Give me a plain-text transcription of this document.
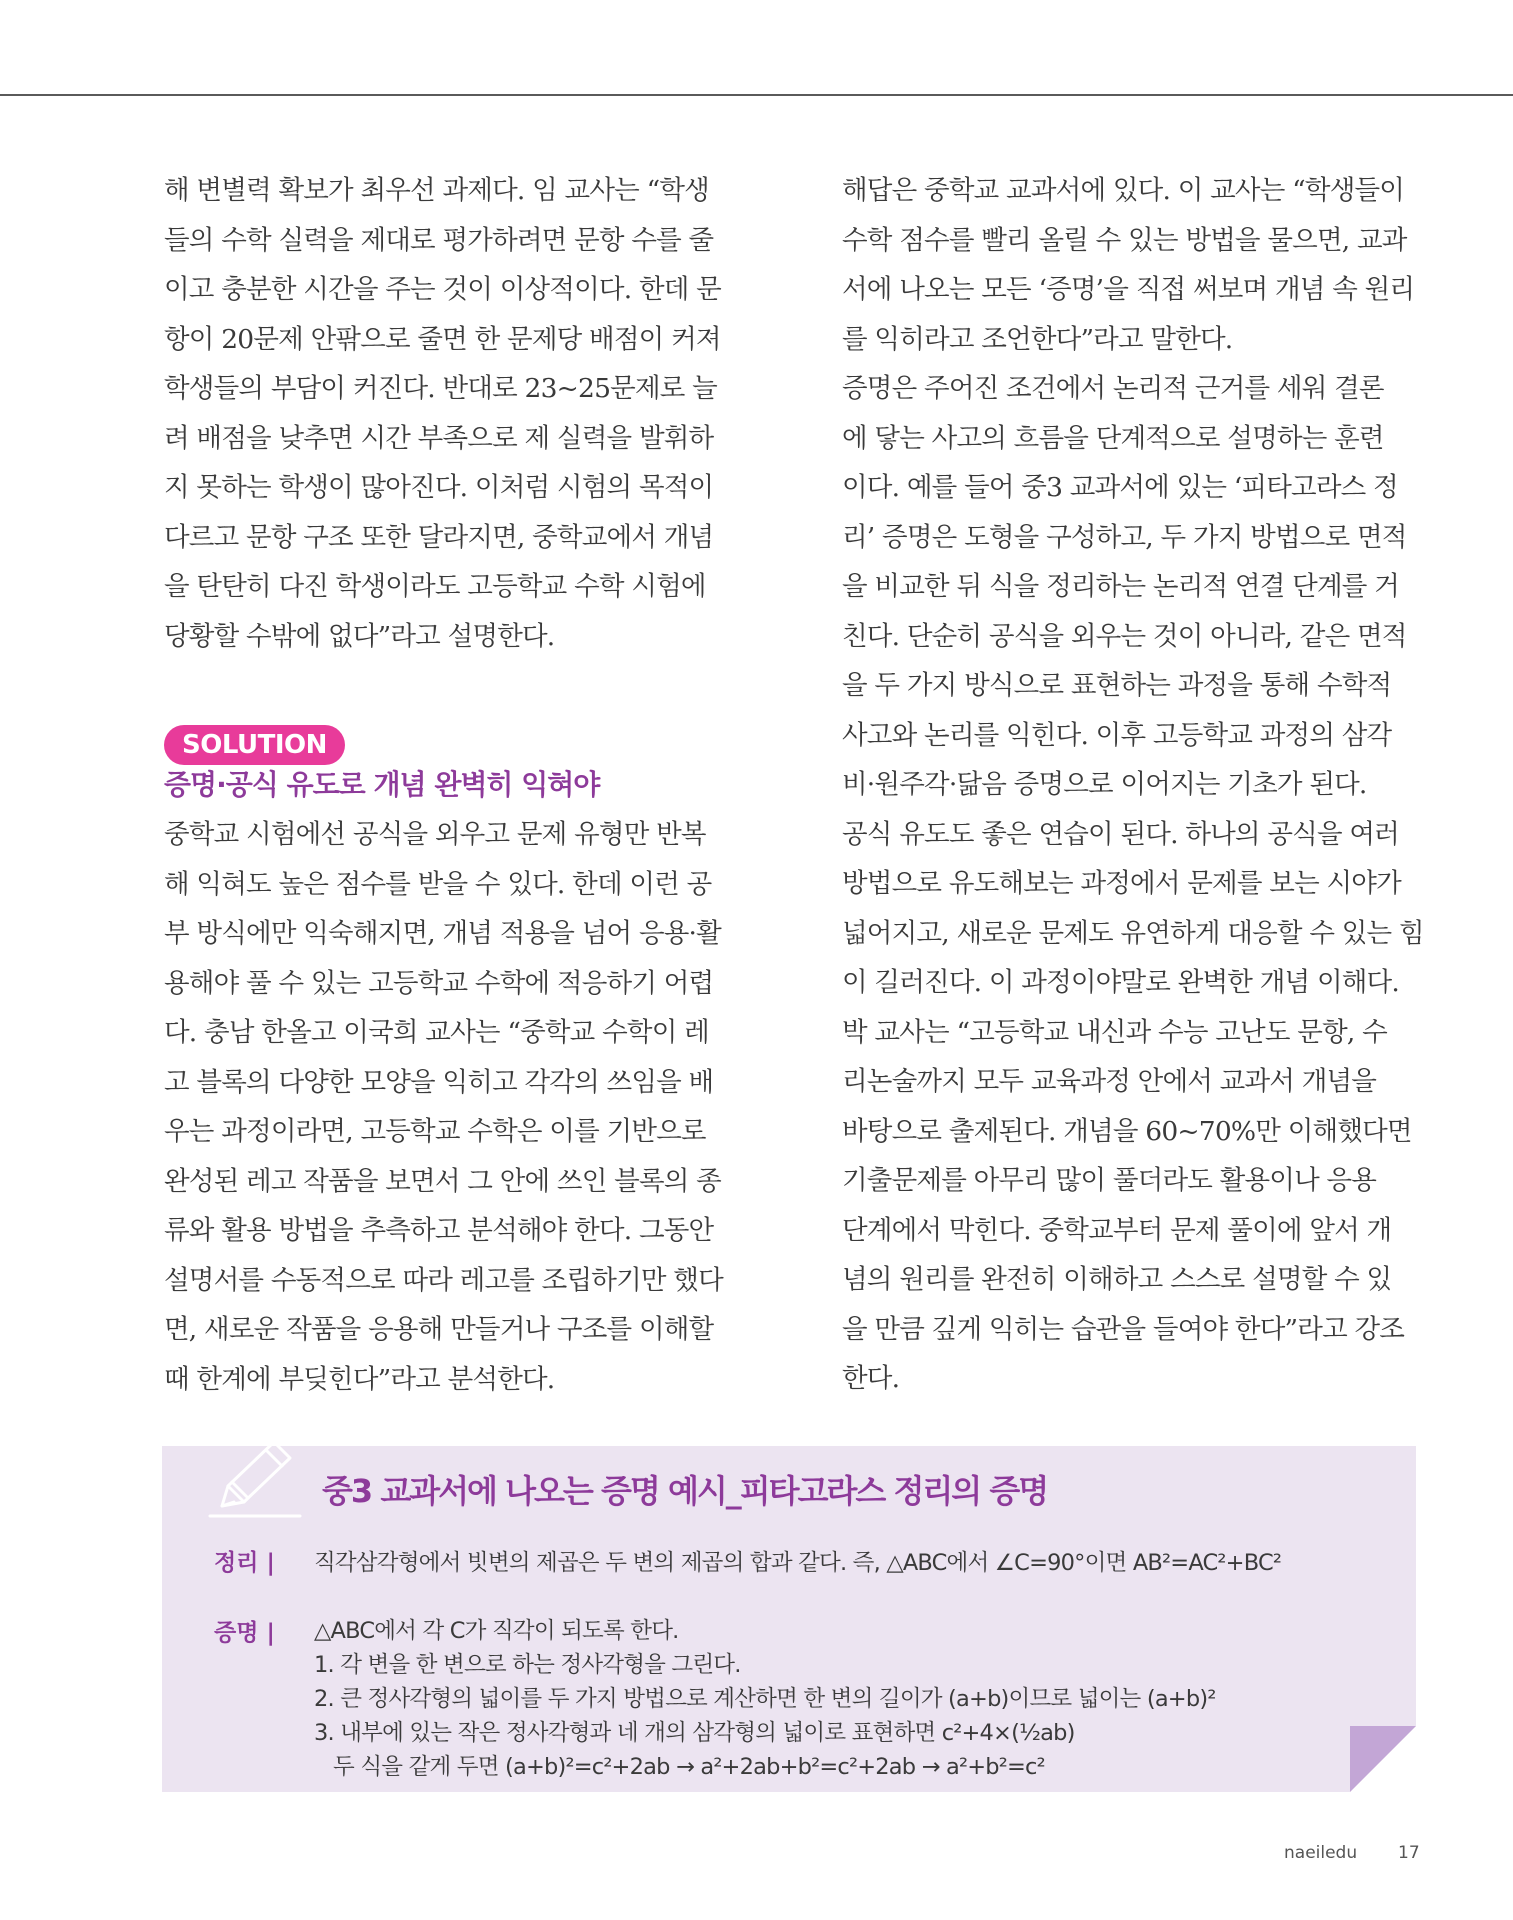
해 변별력 확보가 최우선 과제다. 임 교사는 “학생

들의 수학 실력을 제대로 평가하려면 문항 수를 줄

이고 충분한 시간을 주는 것이 이상적이다. 한데 문

항이 20문제 안팎으로 줄면 한 문제당 배점이 커져

학생들의 부담이 커진다. 반대로 23~25문제로 늘

려 배점을 낮추면 시간 부족으로 제 실력을 발휘하

지 못하는 학생이 많아진다. 이처럼 시험의 목적이

다르고 문항 구조 또한 달라지면, 중학교에서 개념

을 탄탄히 다진 학생이라도 고등학교 수학 시험에

당황할 수밖에 없다”라고 설명한다.

SOLUTION
증명·공식 유도로 개념 완벽히 익혀야

중학교 시험에선 공식을 외우고 문제 유형만 반복

해 익혀도 높은 점수를 받을 수 있다. 한데 이런 공

부 방식에만 익숙해지면, 개념 적용을 넘어 응용·활

용해야 풀 수 있는 고등학교 수학에 적응하기 어렵

다. 충남 한올고 이국희 교사는 “중학교 수학이 레

고 블록의 다양한 모양을 익히고 각각의 쓰임을 배

우는 과정이라면, 고등학교 수학은 이를 기반으로

완성된 레고 작품을 보면서 그 안에 쓰인 블록의 종

류와 활용 방법을 추측하고 분석해야 한다. 그동안

설명서를 수동적으로 따라 레고를 조립하기만 했다

면, 새로운 작품을 응용해 만들거나 구조를 이해할

때 한계에 부딪힌다”라고 분석한다.

해답은 중학교 교과서에 있다. 이 교사는 “학생들이

수학 점수를 빨리 올릴 수 있는 방법을 물으면, 교과

서에 나오는 모든 ‘증명’을 직접 써보며 개념 속 원리

를 익히라고 조언한다”라고 말한다.

증명은 주어진 조건에서 논리적 근거를 세워 결론

에 닿는 사고의 흐름을 단계적으로 설명하는 훈련

이다. 예를 들어 중3 교과서에 있는 ‘피타고라스 정

리’ 증명은 도형을 구성하고, 두 가지 방법으로 면적

을 비교한 뒤 식을 정리하는 논리적 연결 단계를 거

친다. 단순히 공식을 외우는 것이 아니라, 같은 면적

을 두 가지 방식으로 표현하는 과정을 통해 수학적

사고와 논리를 익힌다. 이후 고등학교 과정의 삼각

비·원주각·닮음 증명으로 이어지는 기초가 된다.

공식 유도도 좋은 연습이 된다. 하나의 공식을 여러

방법으로 유도해보는 과정에서 문제를 보는 시야가

넓어지고, 새로운 문제도 유연하게 대응할 수 있는 힘

이 길러진다. 이 과정이야말로 완벽한 개념 이해다.

박 교사는 “고등학교 내신과 수능 고난도 문항, 수

리논술까지 모두 교육과정 안에서 교과서 개념을

바탕으로 출제된다. 개념을 60~70%만 이해했다면

기출문제를 아무리 많이 풀더라도 활용이나 응용

단계에서 막힌다. 중학교부터 문제 풀이에 앞서 개

념의 원리를 완전히 이해하고 스스로 설명할 수 있

을 만큼 깊게 익히는 습관을 들여야 한다”라고 강조

한다.

중3 교과서에 나오는 증명 예시_피타고라스 정리의 증명
정리 | 직각삼각형에서 빗변의 제곱은 두 변의 제곱의 합과 같다. 즉, △ABC에서 ∠C=90°이면 AB²=AC²+BC²
증명 | △ABC에서 각 C가 직각이 되도록 한다.

1. 각 변을 한 변으로 하는 정사각형을 그린다.

2. 큰 정사각형의 넓이를 두 가지 방법으로 계산하면 한 변의 길이가 (a+b)이므로 넓이는 (a+b)²

3. 내부에 있는 작은 정사각형과 네 개의 삼각형의 넓이로 표현하면 c²+4×(½ab)

두 식을 같게 두면 (a+b)²=c²+2ab → a²+2ab+b²=c²+2ab → a²+b²=c²

naeiledu 17
